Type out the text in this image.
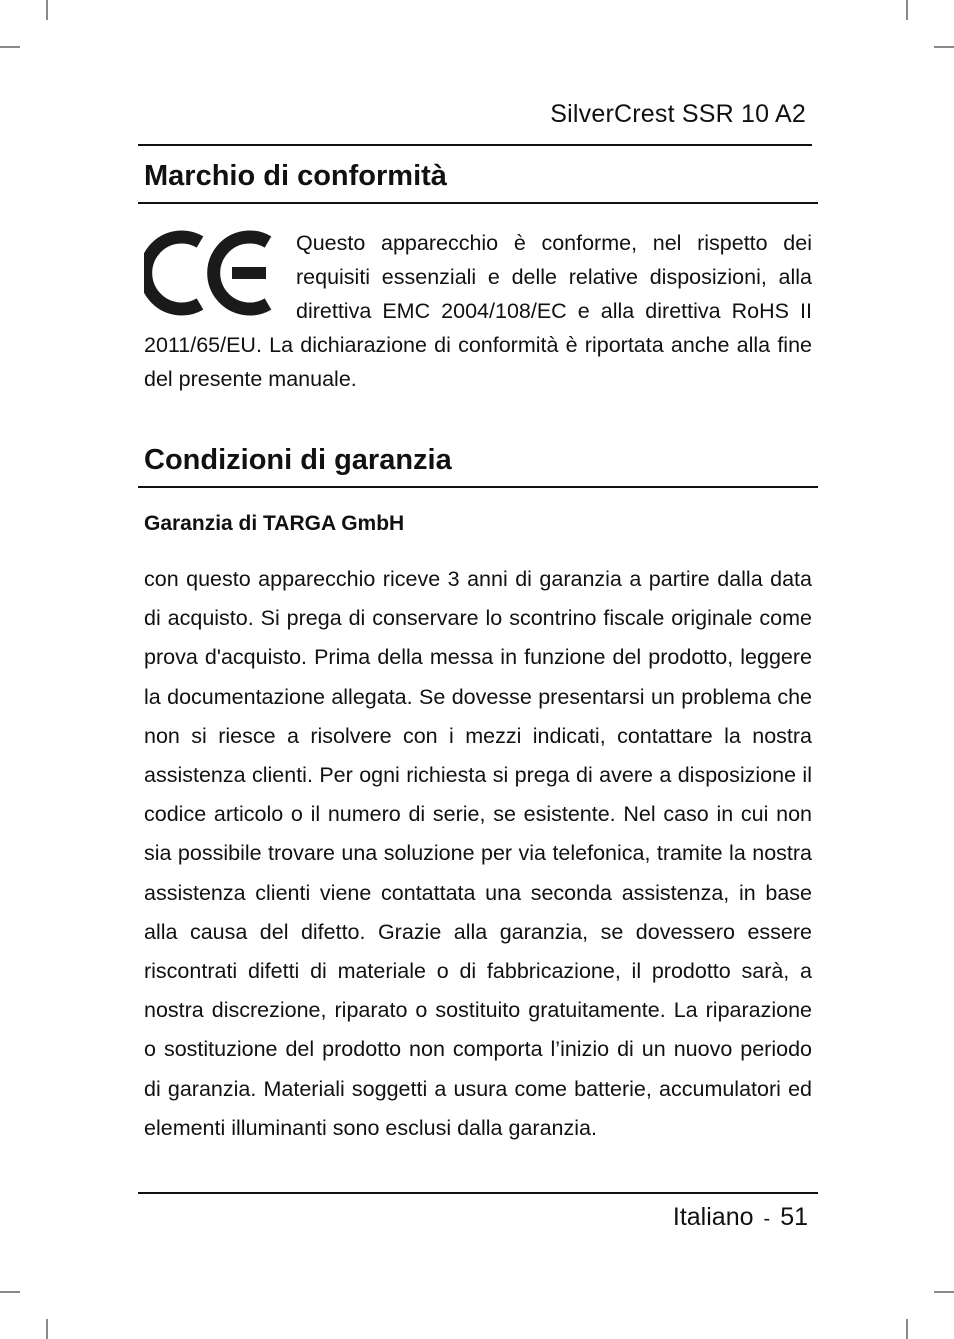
SilverCrest SSR 10 A2
Marchio di conformità

Questo apparecchio è conforme, nel rispetto dei requisiti essenziali e delle relative disposizioni, alla direttiva EMC 2004/108/EC e alla direttiva RoHS II 2011/65/EU. La dichiarazione di conformità è riportata anche alla fine del presente manuale.

Condizioni di garanzia
Garanzia di TARGA GmbH

con questo apparecchio riceve 3 anni di garanzia a partire dalla data di acquisto. Si prega di conservare lo scontrino fiscale originale come prova d'acquisto. Prima della messa in funzione del prodotto, leggere la documentazione allegata. Se dovesse presentarsi un problema che non si riesce a risolvere con i mezzi indicati, contattare la nostra assistenza clienti. Per ogni richiesta si prega di avere a disposizione il codice articolo o il numero di serie, se esistente. Nel caso in cui non sia possibile trovare una soluzione per via telefonica, tramite la nostra assistenza clienti viene contattata una seconda assistenza, in base alla causa del difetto. Grazie alla garanzia, se dovessero essere riscontrati difetti di materiale o di fabbricazione, il prodotto sarà, a nostra discrezione, riparato o sostituito gratuitamente. La riparazione o sostituzione del prodotto non comporta l’inizio di un nuovo periodo di garanzia. Materiali soggetti a usura come batterie, accumulatori ed elementi illuminanti sono esclusi dalla garanzia.

Italiano - 51
